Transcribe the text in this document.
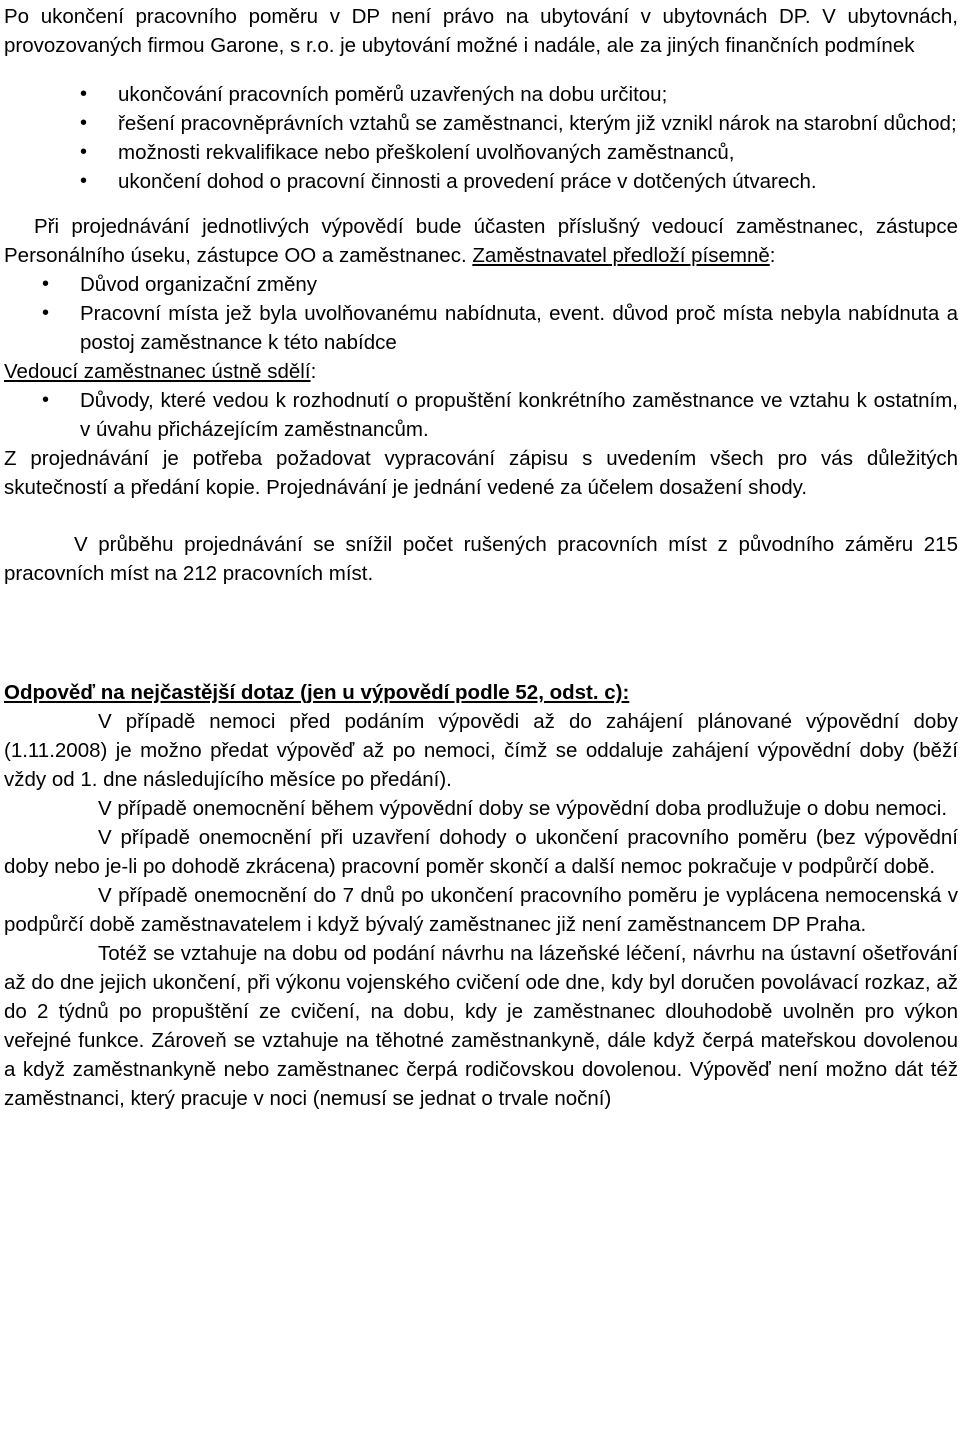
Po ukončení pracovního poměru v DP není právo na ubytování v ubytovnách DP. V ubytovnách, provozovaných firmou Garone, s r.o. je ubytování možné i nadále, ale za jiných finančních podmínek

• ukončování pracovních poměrů uzavřených na dobu určitou;
• řešení pracovněprávních vztahů se zaměstnanci, kterým již vznikl nárok na starobní důchod;
• možnosti rekvalifikace nebo přeškolení uvolňovaných zaměstnanců,
• ukončení dohod o pracovní činnosti a provedení práce v dotčených útvarech.

Při projednávání jednotlivých výpovědí bude účasten příslušný vedoucí zaměstnanec, zástupce Personálního úseku, zástupce OO a zaměstnanec. Zaměstnavatel předloží písemně:

• Důvod organizační změny
• Pracovní místa jež byla uvolňovanému nabídnuta, event. důvod proč místa nebyla nabídnuta a postoj zaměstnance k této nabídce

Vedoucí zaměstnanec ústně sdělí:

• Důvody, které vedou k rozhodnutí o propuštění konkrétního zaměstnance ve vztahu k ostatním, v úvahu přicházejícím zaměstnancům.

Z projednávání je potřeba požadovat vypracování zápisu s uvedením všech pro vás důležitých skutečností a předání kopie. Projednávání je jednání vedené za účelem dosažení shody.

V průběhu projednávání se snížil počet rušených pracovních míst z původního záměru 215 pracovních míst na 212 pracovních míst.

Odpověď na nejčastější dotaz (jen u výpovědí podle 52, odst. c):

V případě nemoci před podáním výpovědi až do zahájení plánované výpovědní doby (1.11.2008) je možno předat výpověď až po nemoci, čímž se oddaluje zahájení výpovědní doby (běží vždy od 1. dne následujícího měsíce po předání).

V případě onemocnění během výpovědní doby se výpovědní doba prodlužuje o dobu nemoci.

V případě onemocnění při uzavření dohody o ukončení pracovního poměru (bez výpovědní doby nebo je-li po dohodě zkrácena) pracovní poměr skončí a další nemoc pokračuje v podpůrčí době.

V případě onemocnění do 7 dnů po ukončení pracovního poměru je vyplácena nemocenská v podpůrčí době zaměstnavatelem i když bývalý zaměstnanec již není zaměstnancem DP Praha.

Totéž se vztahuje na dobu od podání návrhu na lázeňské léčení, návrhu na ústavní ošetřování až do dne jejich ukončení, při výkonu vojenského cvičení ode dne, kdy byl doručen povolávací rozkaz, až do 2 týdnů po propuštění ze cvičení, na dobu, kdy je zaměstnanec dlouhodobě uvolněn pro výkon veřejné funkce. Zároveň se vztahuje na těhotné zaměstnankyně, dále když čerpá mateřskou dovolenou a když zaměstnankyně nebo zaměstnanec čerpá rodičovskou dovolenou. Výpověď není možno dát též zaměstnanci, který pracuje v noci (nemusí se jednat o trvale noční)
